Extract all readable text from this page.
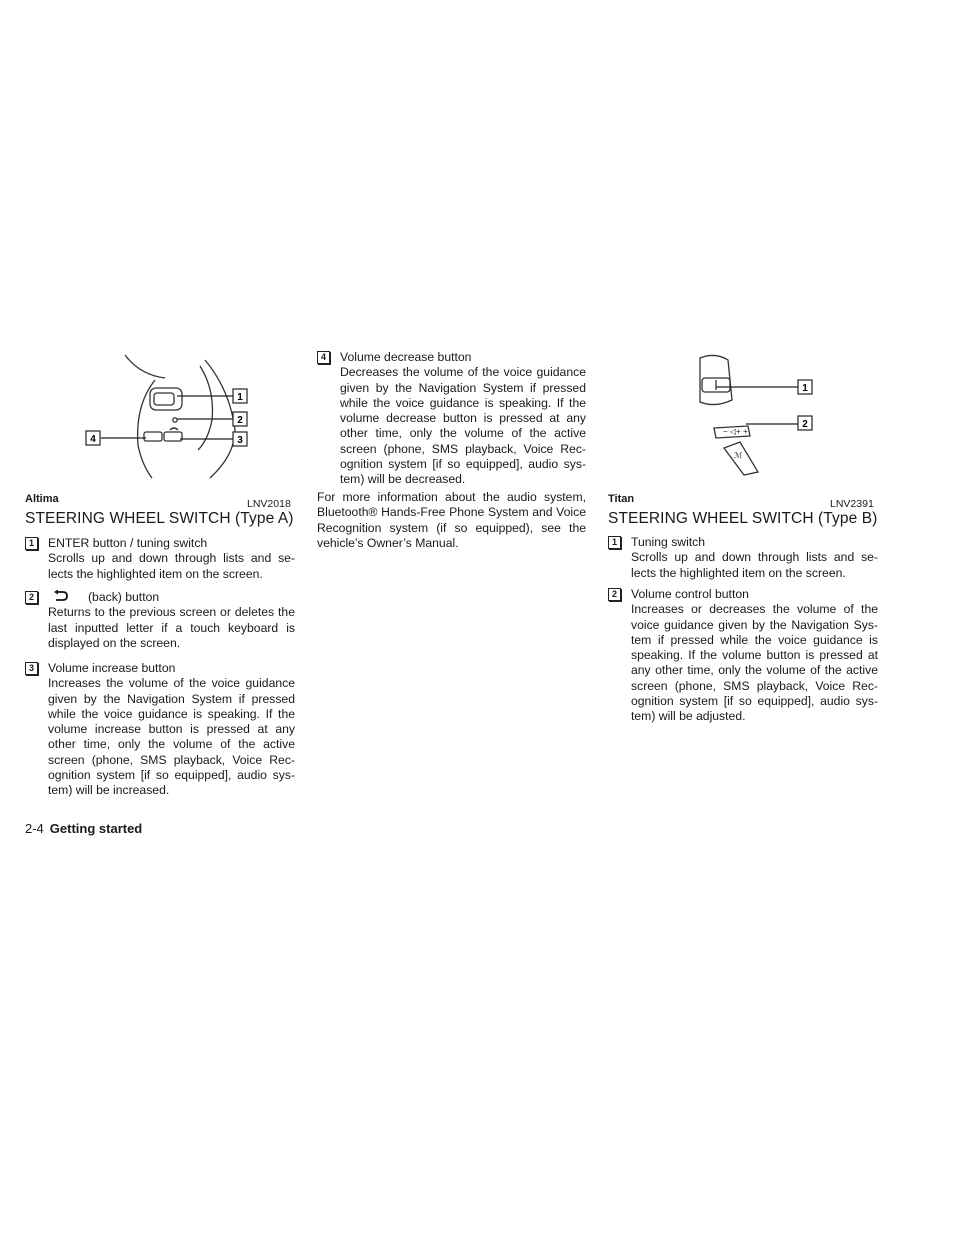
1
2
3
4
Altima	LNV2018
STEERING WHEEL SWITCH (Type A)
1	ENTER button / tuning switch
Scrolls up and down through lists and se-lects the highlighted item on the screen.
2	(back) button
Returns to the previous screen or deletes the last inputted letter if a touch keyboard is displayed on the screen.
3	Volume increase button
Increases the volume of the voice guidance given by the Navigation System if pressed while the voice guidance is speaking. If the volume increase button is pressed at any other time, only the volume of the active screen (phone, SMS playback, Voice Rec-ognition system [if so equipped], audio sys-tem) will be increased.
4	Volume decrease button
Decreases the volume of the voice guidance given by the Navigation System if pressed while the voice guidance is speaking. If the volume decrease button is pressed at any other time, only the volume of the active screen (phone, SMS playback, Voice Rec-ognition system [if so equipped], audio sys-tem) will be decreased.
For more information about the audio system, Bluetooth® Hands-Free Phone System and Voice Recognition system (if so equipped), see the vehicle’s Owner’s Manual.
− ◁+ +
ℳ
1
2
Titan	LNV2391
STEERING WHEEL SWITCH (Type B)
1	Tuning switch
Scrolls up and down through lists and se-lects the highlighted item on the screen.
2	Volume control button
Increases or decreases the volume of the voice guidance given by the Navigation Sys-tem if pressed while the voice guidance is speaking. If the volume button is pressed at any other time, only the volume of the active screen (phone, SMS playback, Voice Rec-ognition system [if so equipped], audio sys-tem) will be adjusted.
2-4 Getting started
